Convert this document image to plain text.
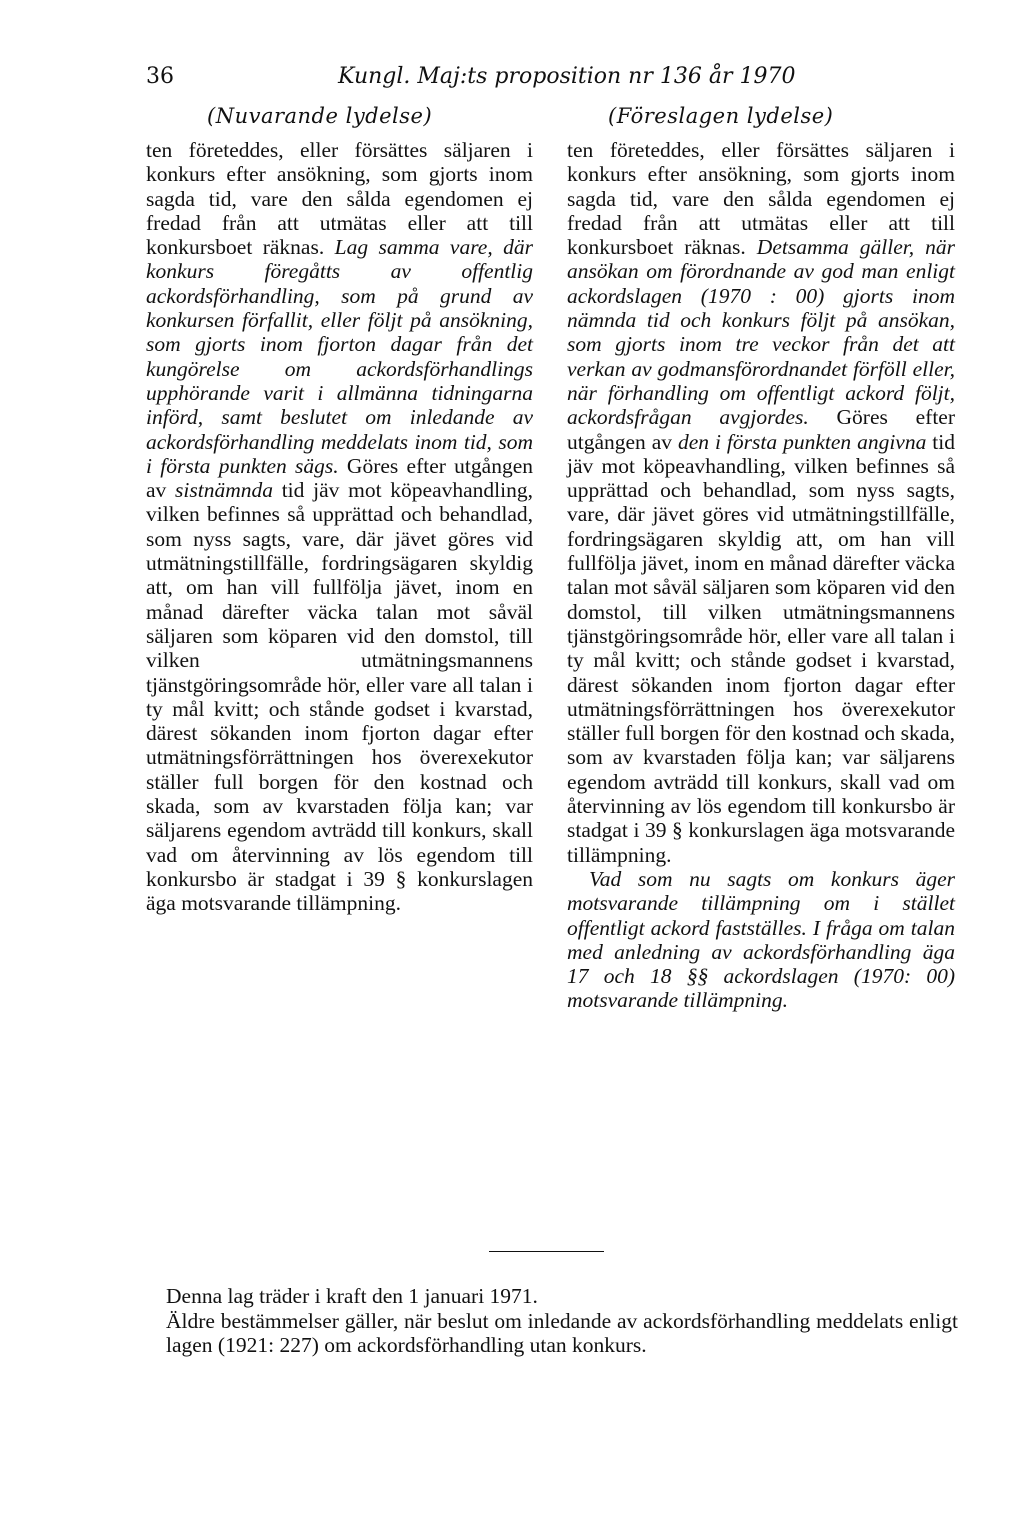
36	Kungl. Maj:ts proposition nr 136 år 1970
(Nuvarande lydelse)	(Föreslagen lydelse)

ten företeddes, eller försättes säljaren i konkurs efter ansökning, som gjorts inom sagda tid, vare den sålda egendomen ej fredad från att utmätas eller att till konkursboet räknas. Lag samma vare, där konkurs föregåtts av offentlig ackordsförhandling, som på grund av konkursen förfallit, eller följt på ansökning, som gjorts inom fjorton dagar från det kungörelse om ackordsförhandlings upphörande varit i allmänna tidningarna införd, samt beslutet om inledande av ackordsförhandling meddelats inom tid, som i första punkten sägs. Göres efter utgången av sistnämnda tid jäv mot köpeavhandling, vilken befinnes så upprättad och behandlad, som nyss sagts, vare, där jävet göres vid utmätningstillfälle, fordringsägaren skyldig att, om han vill fullfölja jävet, inom en månad därefter väcka talan mot såväl säljaren som köparen vid den domstol, till vilken utmätningsmannens tjänstgöringsområde hör, eller vare all talan i ty mål kvitt; och stånde godset i kvarstad, därest sökanden inom fjorton dagar efter utmätningsförrättningen hos överexekutor ställer full borgen för den kostnad och skada, som av kvarstaden följa kan; var säljarens egendom avträdd till konkurs, skall vad om återvinning av lös egendom till konkursbo är stadgat i 39 § konkurslagen äga motsvarande tillämpning.

ten företeddes, eller försättes säljaren i konkurs efter ansökning, som gjorts inom sagda tid, vare den sålda egendomen ej fredad från att utmätas eller att till konkursboet räknas. Detsamma gäller, när ansökan om förordnande av god man enligt ackordslagen (1970 : 00) gjorts inom nämnda tid och konkurs följt på ansökan, som gjorts inom tre veckor från det att verkan av godmansförordnandet förföll eller, när förhandling om offentligt ackord följt, ackordsfrågan avgjordes. Göres efter utgången av den i första punkten angivna tid jäv mot köpeavhandling, vilken befinnes så upprättad och behandlad, som nyss sagts, vare, där jävet göres vid utmätningstillfälle, fordringsägaren skyldig att, om han vill fullfölja jävet, inom en månad därefter väcka talan mot såväl säljaren som köparen vid den domstol, till vilken utmätningsmannens tjänstgöringsområde hör, eller vare all talan i ty mål kvitt; och stånde godset i kvarstad, därest sökanden inom fjorton dagar efter utmätningsförrättningen hos överexekutor ställer full borgen för den kostnad och skada, som av kvarstaden följa kan; var säljarens egendom avträdd till konkurs, skall vad om återvinning av lös egendom till konkursbo är stadgat i 39 § konkurslagen äga motsvarande tillämpning.

Vad som nu sagts om konkurs äger motsvarande tillämpning om i stället offentligt ackord fastställes. I fråga om talan med anledning av ackordsförhandling äga 17 och 18 §§ ackordslagen (1970: 00) motsvarande tillämpning.

Denna lag träder i kraft den 1 januari 1971.

Äldre bestämmelser gäller, när beslut om inledande av ackordsförhandling meddelats enligt lagen (1921: 227) om ackordsförhandling utan konkurs.
